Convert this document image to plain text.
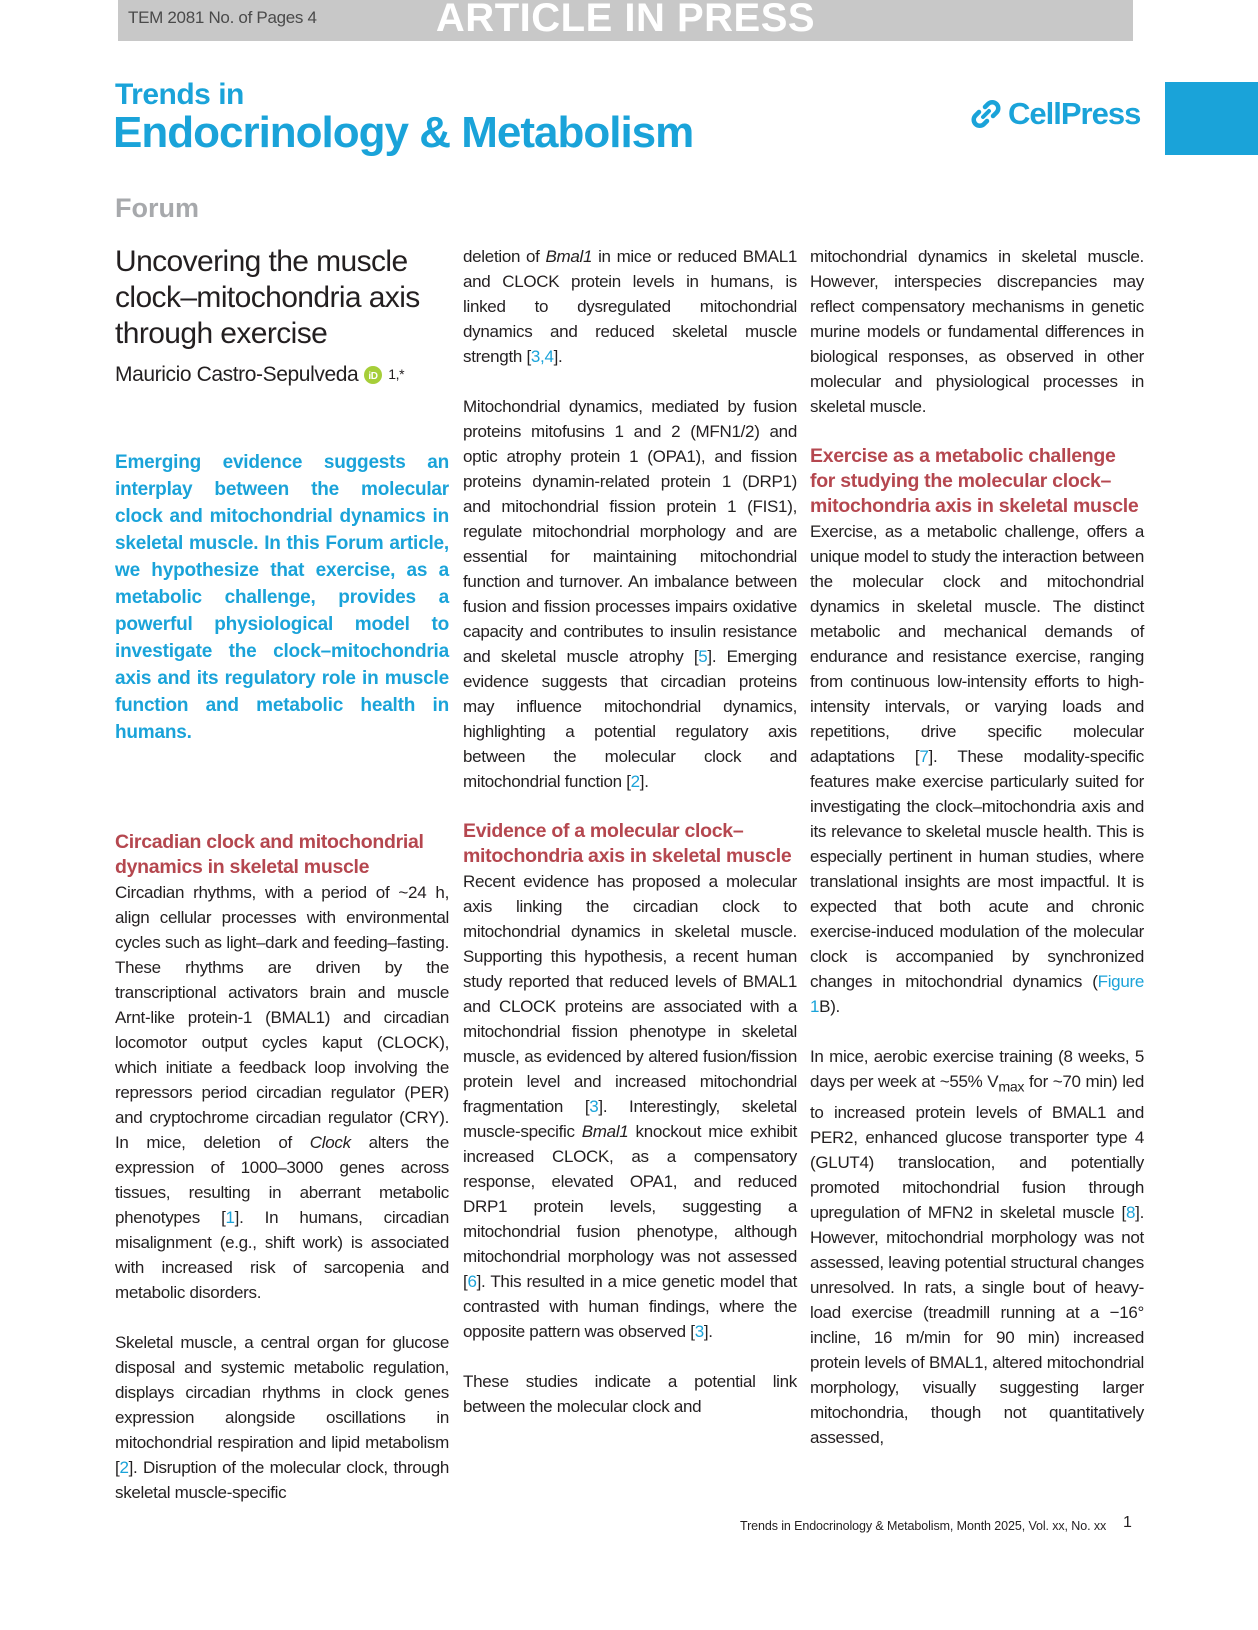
TEM 2081 No. of Pages 4	ARTICLE IN PRESS
Trends in
Endocrinology & Metabolism	CellPress
Forum
Uncovering the muscle clock–mitochondria axis through exercise
Mauricio Castro-Sepulveda iD 1,*
Emerging evidence suggests an interplay between the molecular clock and mitochondrial dynamics in skeletal muscle. In this Forum article, we hypothesize that exercise, as a metabolic challenge, provides a powerful physiological model to investigate the clock–mitochondria axis and its regulatory role in muscle function and metabolic health in humans.
Circadian clock and mitochondrial dynamics in skeletal muscle

Circadian rhythms, with a period of ~24 h, align cellular processes with environmental cycles such as light–dark and feeding–fasting. These rhythms are driven by the transcriptional activators brain and muscle Arnt-like protein-1 (BMAL1) and circadian locomotor output cycles kaput (CLOCK), which initiate a feedback loop involving the repressors period circadian regulator (PER) and cryptochrome circadian regulator (CRY). In mice, deletion of Clock alters the expression of 1000–3000 genes across tissues, resulting in aberrant metabolic phenotypes [1]. In humans, circadian misalignment (e.g., shift work) is associated with increased risk of sarcopenia and metabolic disorders.

Skeletal muscle, a central organ for glucose disposal and systemic metabolic regulation, displays circadian rhythms in clock genes expression alongside oscillations in mitochondrial respiration and lipid metabolism [2]. Disruption of the molecular clock, through skeletal muscle-specific

deletion of Bmal1 in mice or reduced BMAL1 and CLOCK protein levels in humans, is linked to dysregulated mitochondrial dynamics and reduced skeletal muscle strength [3,4].

Mitochondrial dynamics, mediated by fusion proteins mitofusins 1 and 2 (MFN1/2) and optic atrophy protein 1 (OPA1), and fission proteins dynamin-related protein 1 (DRP1) and mitochondrial fission protein 1 (FIS1), regulate mitochondrial morphology and are essential for maintaining mitochondrial function and turnover. An imbalance between fusion and fission processes impairs oxidative capacity and contributes to insulin resistance and skeletal muscle atrophy [5]. Emerging evidence suggests that circadian proteins may influence mitochondrial dynamics, highlighting a potential regulatory axis between the molecular clock and mitochondrial function [2].

Evidence of a molecular clock–mitochondria axis in skeletal muscle

Recent evidence has proposed a molecular axis linking the circadian clock to mitochondrial dynamics in skeletal muscle. Supporting this hypothesis, a recent human study reported that reduced levels of BMAL1 and CLOCK proteins are associated with a mitochondrial fission phenotype in skeletal muscle, as evidenced by altered fusion/fission protein level and increased mitochondrial fragmentation [3]. Interestingly, skeletal muscle-specific Bmal1 knockout mice exhibit increased CLOCK, as a compensatory response, elevated OPA1, and reduced DRP1 protein levels, suggesting a mitochondrial fusion phenotype, although mitochondrial morphology was not assessed [6]. This resulted in a mice genetic model that contrasted with human findings, where the opposite pattern was observed [3].

These studies indicate a potential link between the molecular clock and

mitochondrial dynamics in skeletal muscle. However, interspecies discrepancies may reflect compensatory mechanisms in genetic murine models or fundamental differences in biological responses, as observed in other molecular and physiological processes in skeletal muscle.

Exercise as a metabolic challenge for studying the molecular clock–mitochondria axis in skeletal muscle

Exercise, as a metabolic challenge, offers a unique model to study the interaction between the molecular clock and mitochondrial dynamics in skeletal muscle. The distinct metabolic and mechanical demands of endurance and resistance exercise, ranging from continuous low-intensity efforts to high-intensity intervals, or varying loads and repetitions, drive specific molecular adaptations [7]. These modality-specific features make exercise particularly suited for investigating the clock–mitochondria axis and its relevance to skeletal muscle health. This is especially pertinent in human studies, where translational insights are most impactful. It is expected that both acute and chronic exercise-induced modulation of the molecular clock is accompanied by synchronized changes in mitochondrial dynamics (Figure 1B).

In mice, aerobic exercise training (8 weeks, 5 days per week at ~55% $V_{max}$ for ~70 min) led to increased protein levels of BMAL1 and PER2, enhanced glucose transporter type 4 (GLUT4) translocation, and potentially promoted mitochondrial fusion through upregulation of MFN2 in skeletal muscle [8]. However, mitochondrial morphology was not assessed, leaving potential structural changes unresolved. In rats, a single bout of heavy-load exercise (treadmill running at a −16° incline, 16 m/min for 90 min) increased protein levels of BMAL1, altered mitochondrial morphology, visually suggesting larger mitochondria, though not quantitatively assessed,

Trends in Endocrinology & Metabolism, Month 2025, Vol. xx, No. xx 1
